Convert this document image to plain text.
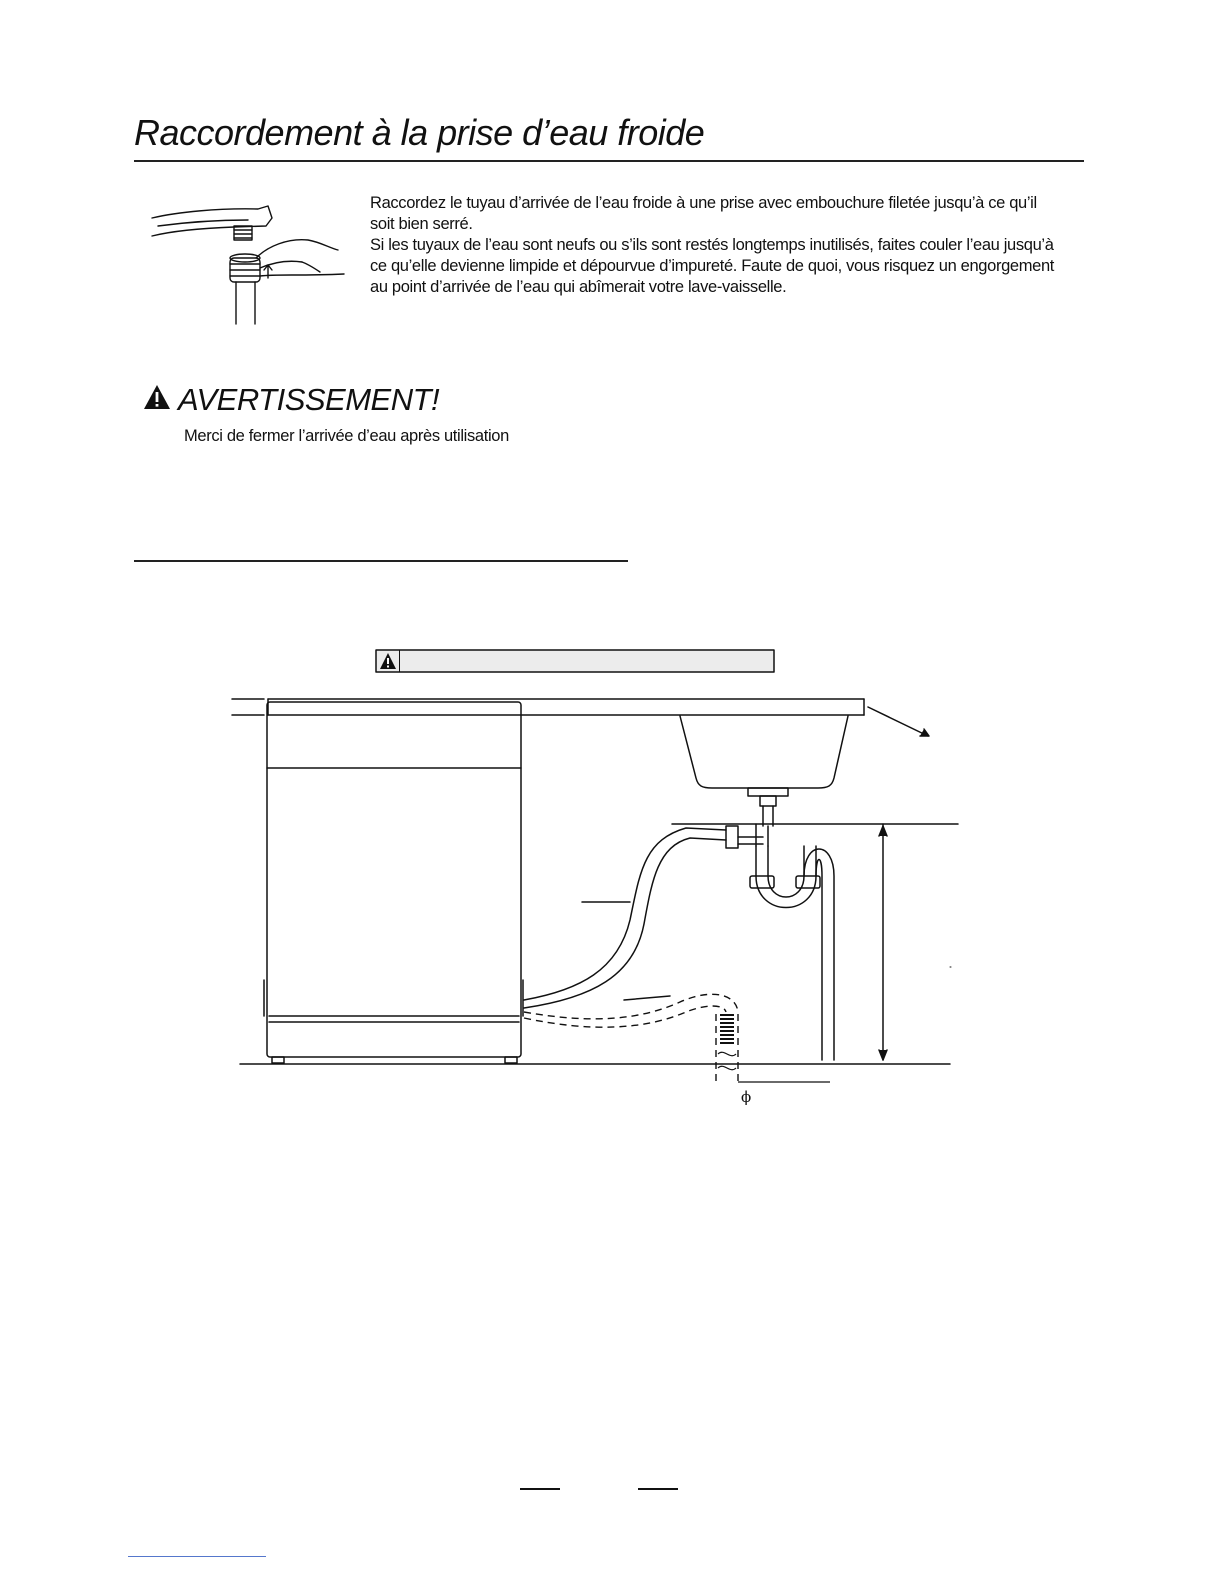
Raccordement à la prise d’eau froide

Raccordez le tuyau d’arrivée de l’eau froide à une prise avec embouchure filetée jusqu’à ce qu’il
soit bien serré.
Si les tuyaux de l’eau sont neufs ou s’ils sont restés longtemps inutilisés, faites couler l’eau jusqu’à
ce qu’elle devienne limpide et dépourvue d’impureté. Faute de quoi, vous risquez un engorgement
au point d’arrivée de l’eau qui abîmerait votre lave-vaisselle.

AVERTISSEMENT!

Merci de fermer l’arrivée d’eau après utilisation

ϕ
